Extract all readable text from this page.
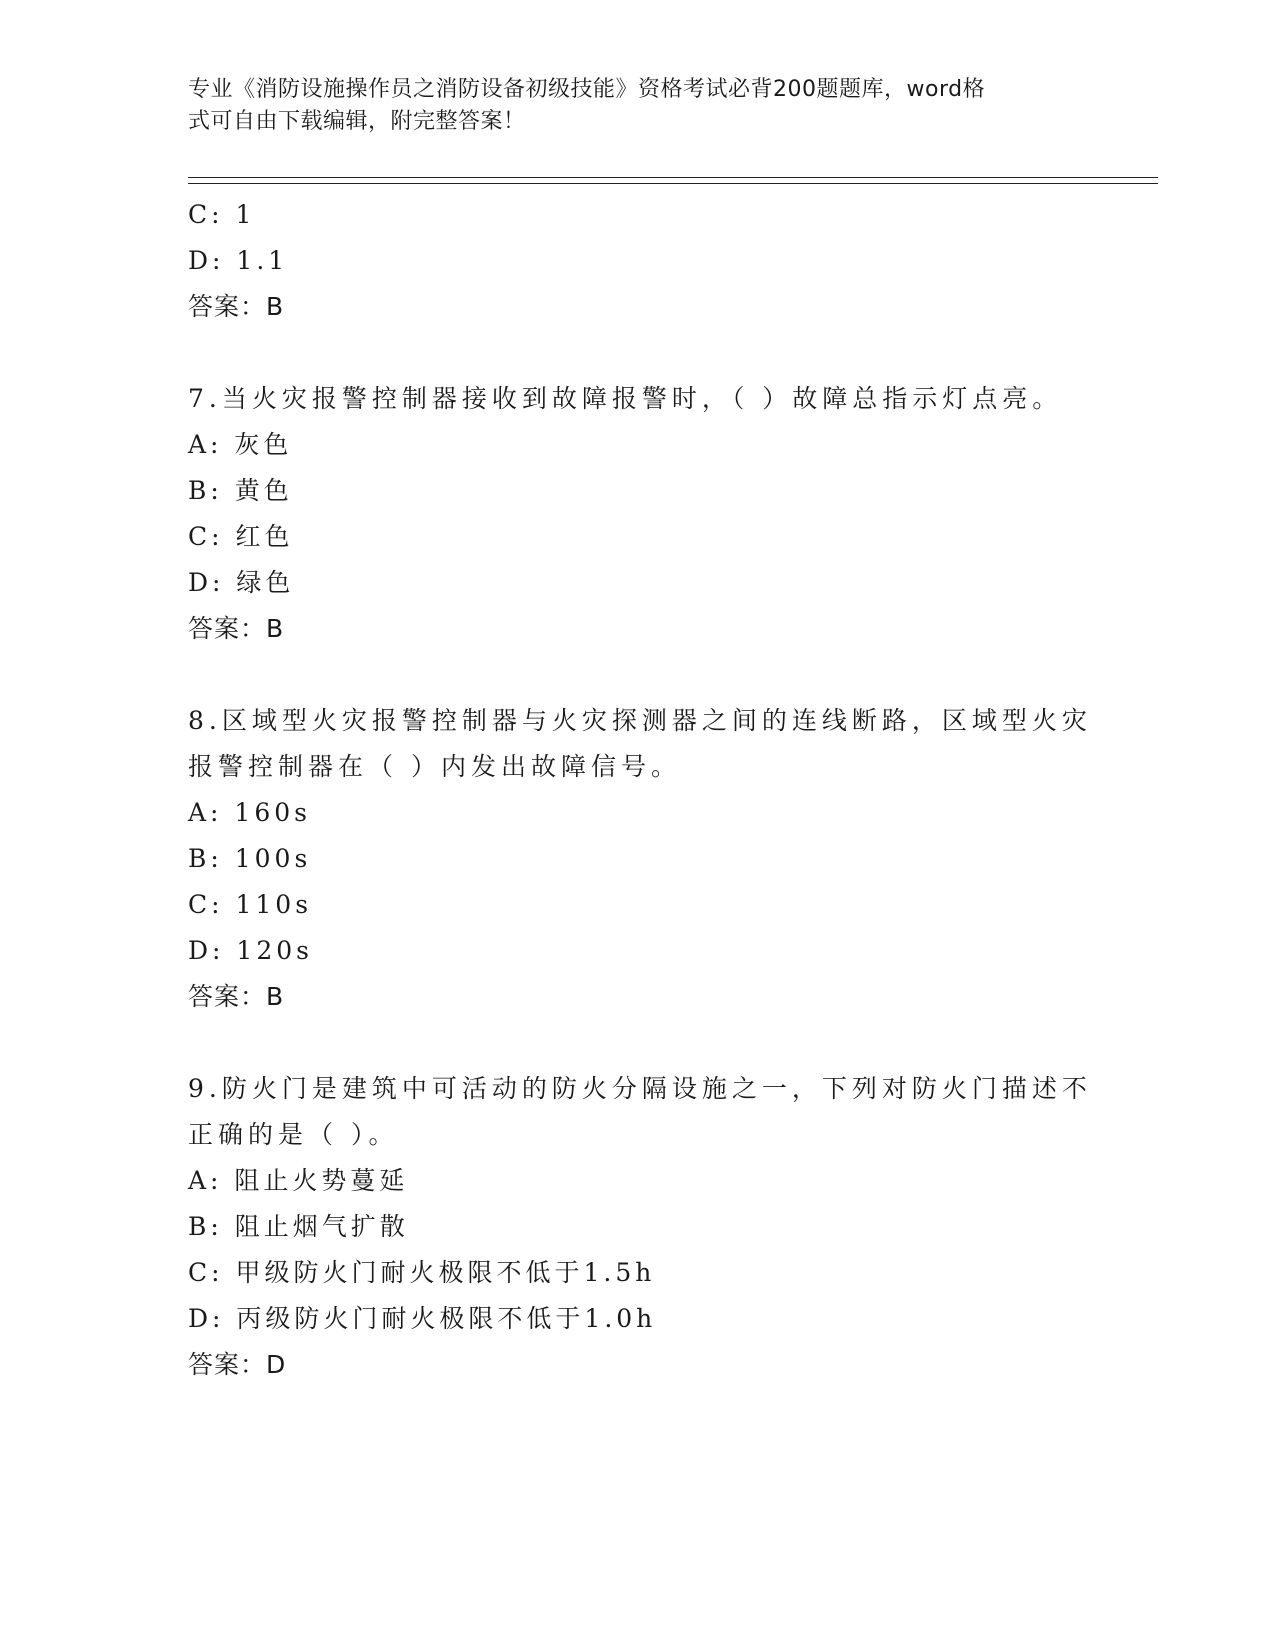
专业《消防设施操作员之消防设备初级技能》资格考试必背200题题库，word格
式可自由下载编辑，附完整答案！
C: 1
D: 1.1
答案：B
7.当火灾报警控制器接收到故障报警时，（ ）故障总指示灯点亮。
A: 灰色
B: 黄色
C: 红色
D: 绿色
答案：B
8.区域型火灾报警控制器与火灾探测器之间的连线断路，区域型火灾
报警控制器在（ ）内发出故障信号。
A: 160s
B: 100s
C: 110s
D: 120s
答案：B
9.防火门是建筑中可活动的防火分隔设施之一，下列对防火门描述不
正确的是（ ）。
A: 阻止火势蔓延
B: 阻止烟气扩散
C: 甲级防火门耐火极限不低于1.5h
D: 丙级防火门耐火极限不低于1.0h
答案：D
